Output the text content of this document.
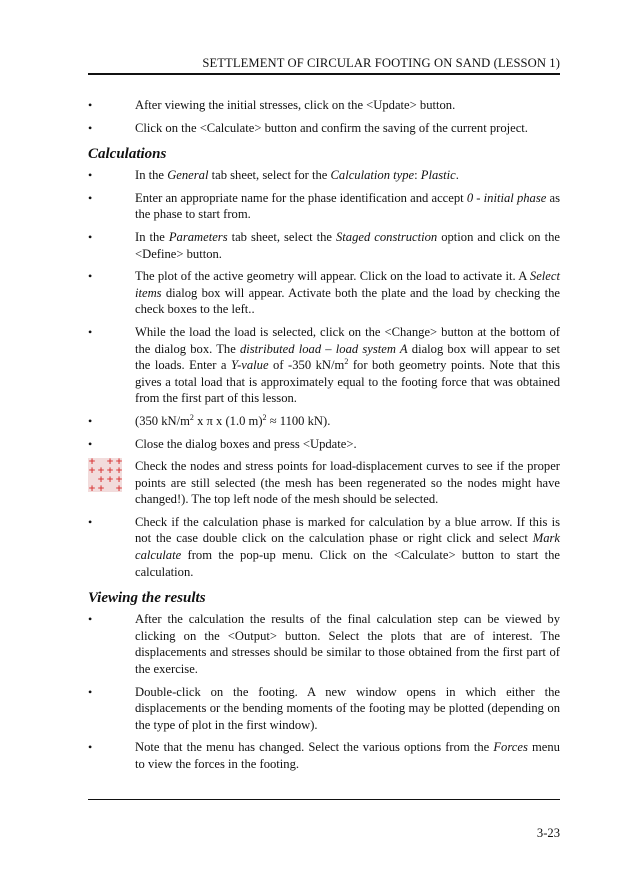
SETTLEMENT OF CIRCULAR FOOTING ON SAND (LESSON 1)
•	After viewing the initial stresses, click on the <Update> button.
•	Click on the <Calculate> button and confirm the saving of the current project.
Calculations
•	In the General tab sheet, select for the Calculation type: Plastic.
•	Enter an appropriate name for the phase identification and accept 0 - initial phase as the phase to start from.
•	In the Parameters tab sheet, select the Staged construction option and click on the <Define> button.
•	The plot of the active geometry will appear. Click on the load to activate it. A Select items dialog box will appear. Activate both the plate and the load by checking the check boxes to the left..
•	While the load the load is selected, click on the <Change> button at the bottom of the dialog box. The distributed load – load system A dialog box will appear to set the loads. Enter a Y-value of -350 $kN/m^2$ for both geometry points. Note that this gives a total load that is approximately equal to the footing force that was obtained from the first part of this lesson.
•	(350 $kN/m^2$ x π x (1.0 m)$^2$ ≈ 1100 kN).
•	Close the dialog boxes and press <Update>.
+ + +
+ + + +
+ + +
+ + +
Check the nodes and stress points for load-displacement curves to see if the proper points are still selected (the mesh has been regenerated so the nodes might have changed!). The top left node of the mesh should be selected.
•	Check if the calculation phase is marked for calculation by a blue arrow. If this is not the case double click on the calculation phase or right click and select Mark calculate from the pop-up menu. Click on the <Calculate> button to start the calculation.
Viewing the results
•	After the calculation the results of the final calculation step can be viewed by clicking on the <Output> button. Select the plots that are of interest. The displacements and stresses should be similar to those obtained from the first part of the exercise.
•	Double-click on the footing. A new window opens in which either the displacements or the bending moments of the footing may be plotted (depending on the type of plot in the first window).
•	Note that the menu has changed. Select the various options from the Forces menu to view the forces in the footing.
3-23
